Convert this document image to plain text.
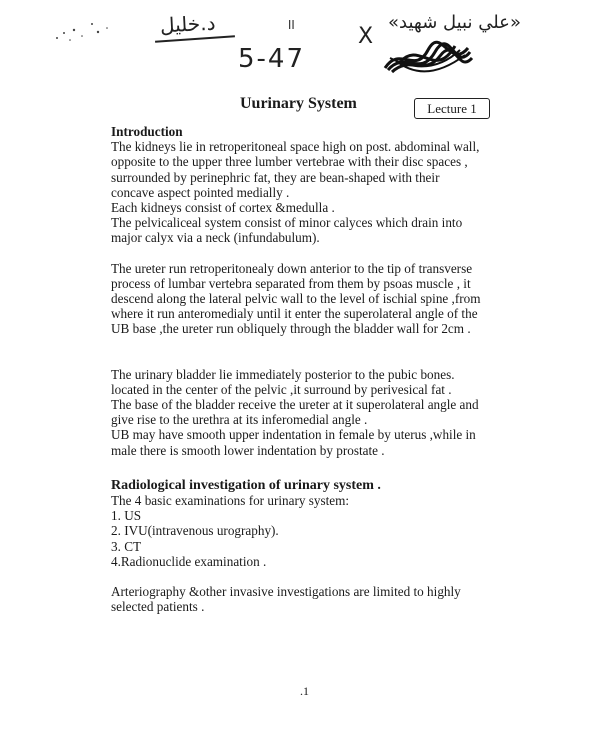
د.خليل	اا
5-47
X
«علي نبيل شهيد»
Uurinary System	Lecture 1

Introduction

The kidneys lie in retroperitoneal space high on post. abdominal wall,

opposite to the upper three lumber vertebrae with their disc spaces ,

surrounded by perinephric fat, they are bean-shaped with their

concave aspect pointed medially .

Each kidneys consist of cortex &medulla .

The pelvicaliceal system consist of minor calyces which drain into

major calyx via a neck (infundabulum).

The ureter run retroperitonealy down anterior to the tip of transverse

process of lumbar vertebra separated from them by psoas muscle , it

descend along the lateral pelvic wall to the level of ischial spine ,from

where it run anteromedialy until it enter the superolateral angle of the

UB base ,the ureter run obliquely through the bladder wall for 2cm .

The urinary bladder lie immediately posterior to the pubic bones.

located in the center of the pelvic ,it surround by perivesical fat .

The base of the bladder receive the ureter at it superolateral angle and

give rise to the urethra at its inferomedial angle .

UB may have smooth upper indentation in female by uterus ,while in

male there is smooth lower indentation by prostate .

Radiological investigation of urinary system .

The 4 basic examinations for urinary system:

1. US
2. IVU(intravenous urography).
3. CT
4.Radionuclide examination .

Arteriography &other invasive investigations are limited to highly

selected patients .

.1
